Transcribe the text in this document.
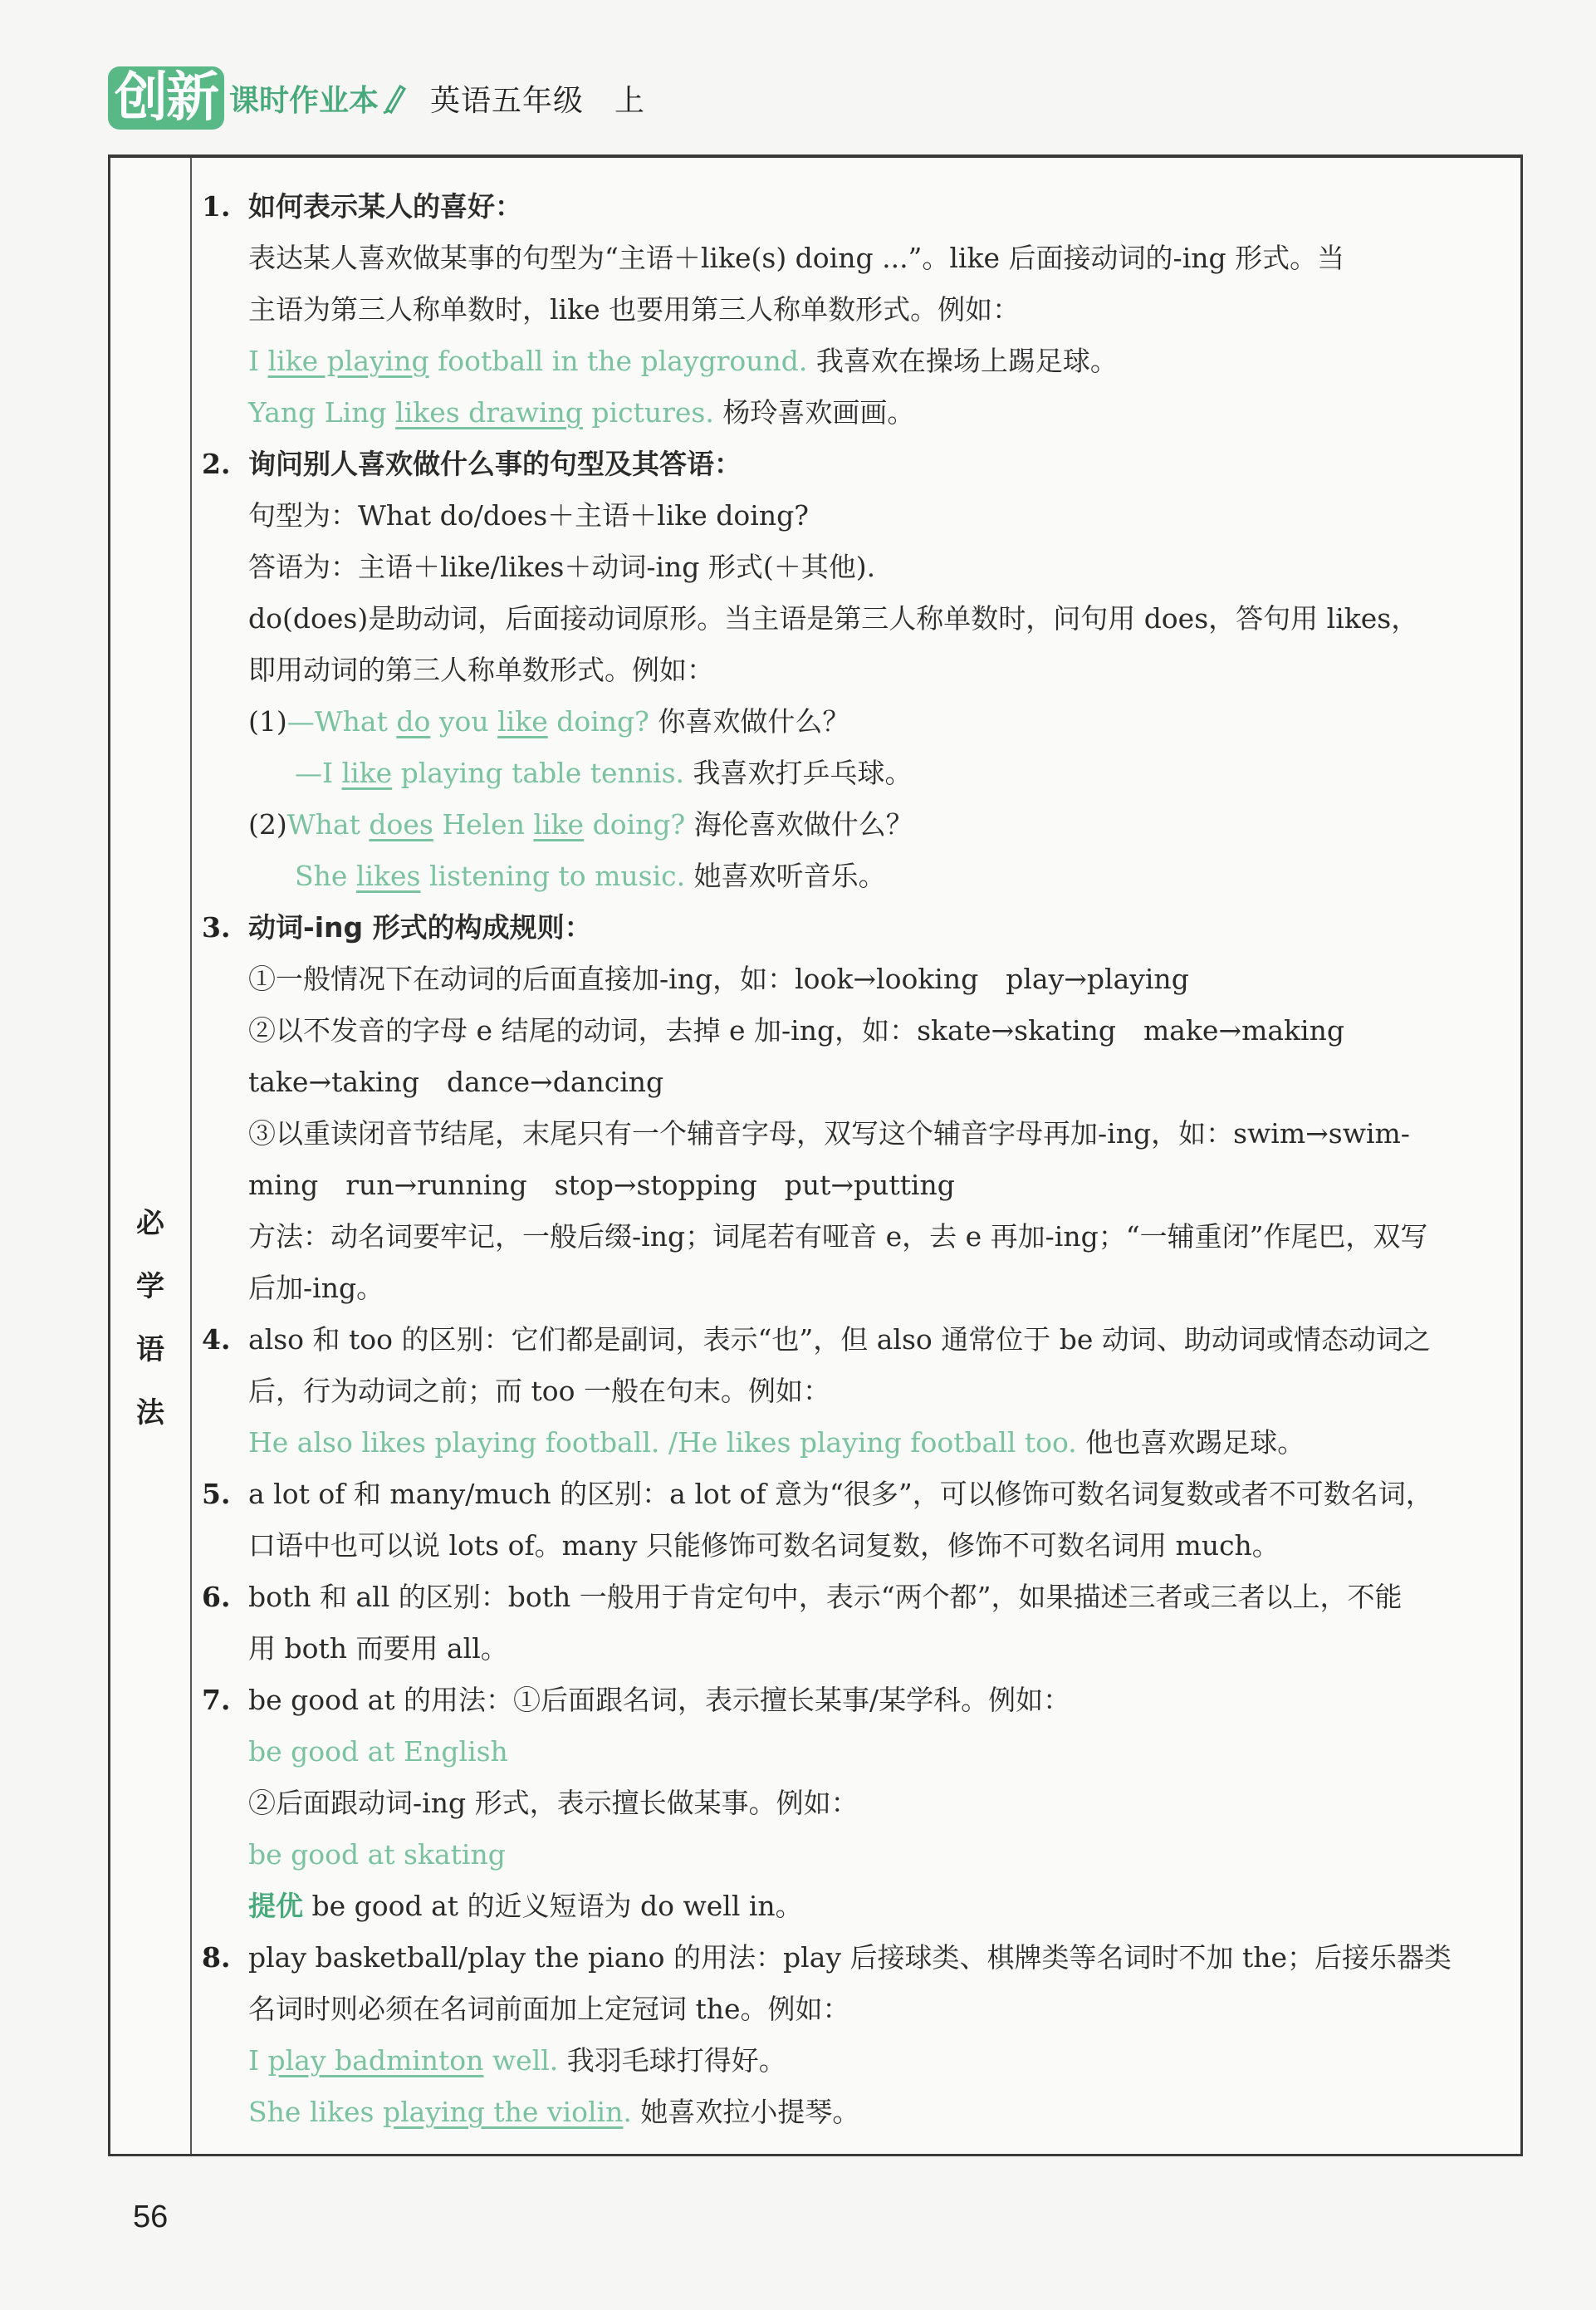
创新 课时作业本 英语五年级　上
必
学
语
法
1. 如何表示某人的喜好：
表达某人喜欢做某事的句型为“主语＋like(s) doing ...”。like 后面接动词的-ing 形式。当
主语为第三人称单数时，like 也要用第三人称单数形式。例如：
I like playing football in the playground. 我喜欢在操场上踢足球。
Yang Ling likes drawing pictures. 杨玲喜欢画画。
2. 询问别人喜欢做什么事的句型及其答语：
句型为：What do/does＋主语＋like doing?
答语为：主语＋like/likes＋动词-ing 形式(＋其他).
do(does)是助动词，后面接动词原形。当主语是第三人称单数时，问句用 does，答句用 likes，
即用动词的第三人称单数形式。例如：
(1)—What do you like doing? 你喜欢做什么？
—I like playing table tennis. 我喜欢打乒乓球。
(2)What does Helen like doing? 海伦喜欢做什么？
She likes listening to music. 她喜欢听音乐。
3. 动词-ing 形式的构成规则：
①一般情况下在动词的后面直接加-ing，如：look→looking　play→playing
②以不发音的字母 e 结尾的动词，去掉 e 加-ing，如：skate→skating　make→making
take→taking　dance→dancing
③以重读闭音节结尾，末尾只有一个辅音字母，双写这个辅音字母再加-ing，如：swim→swim-
ming　run→running　stop→stopping　put→putting
方法：动名词要牢记，一般后缀-ing；词尾若有哑音 e，去 e 再加-ing；“一辅重闭”作尾巴，双写
后加-ing。
4. also 和 too 的区别：它们都是副词，表示“也”，但 also 通常位于 be 动词、助动词或情态动词之
后，行为动词之前；而 too 一般在句末。例如：
He also likes playing football. /He likes playing football too. 他也喜欢踢足球。
5. a lot of 和 many/much 的区别：a lot of 意为“很多”，可以修饰可数名词复数或者不可数名词，
口语中也可以说 lots of。many 只能修饰可数名词复数，修饰不可数名词用 much。
6. both 和 all 的区别：both 一般用于肯定句中，表示“两个都”，如果描述三者或三者以上，不能
用 both 而要用 all。
7. be good at 的用法：①后面跟名词，表示擅长某事/某学科。例如：
be good at English
②后面跟动词-ing 形式，表示擅长做某事。例如：
be good at skating
提优 be good at 的近义短语为 do well in。
8. play basketball/play the piano 的用法：play 后接球类、棋牌类等名词时不加 the；后接乐器类
名词时则必须在名词前面加上定冠词 the。例如：
I play badminton well. 我羽毛球打得好。
She likes playing the violin. 她喜欢拉小提琴。
56
